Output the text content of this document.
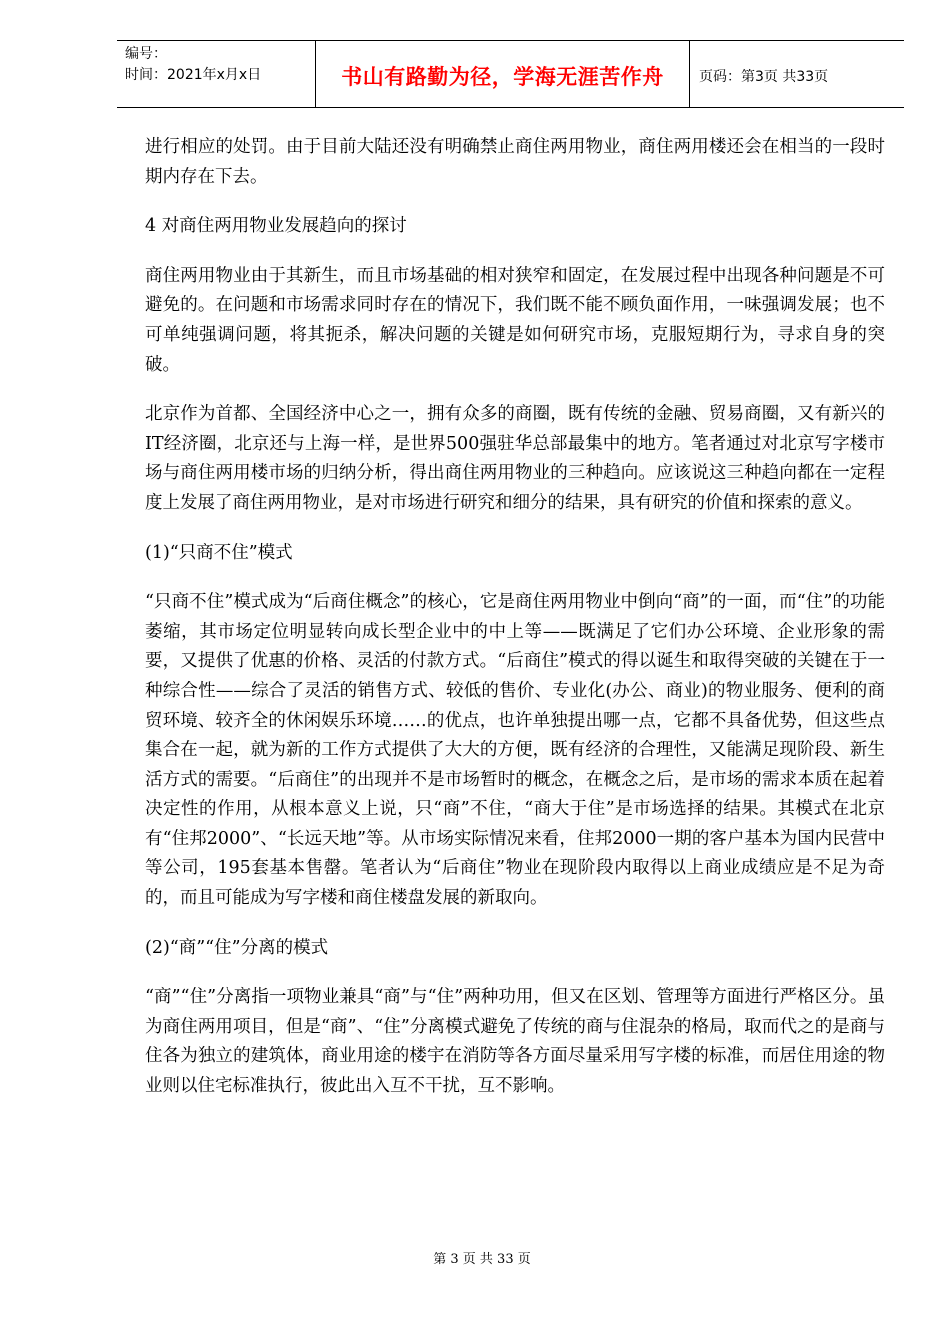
编号：
时间：2021年x月x日	书山有路勤为径，学海无涯苦作舟	页码：第3页 共33页

进行相应的处罚。由于目前大陆还没有明确禁止商住两用物业，商住两用楼还会在相当的一段时期内存在下去。

4 对商住两用物业发展趋向的探讨

商住两用物业由于其新生，而且市场基础的相对狭窄和固定，在发展过程中出现各种问题是不可避免的。在问题和市场需求同时存在的情况下，我们既不能不顾负面作用，一味强调发展；也不可单纯强调问题，将其扼杀，解决问题的关键是如何研究市场，克服短期行为，寻求自身的突破。

北京作为首都、全国经济中心之一，拥有众多的商圈，既有传统的金融、贸易商圈，又有新兴的IT经济圈，北京还与上海一样，是世界500强驻华总部最集中的地方。笔者通过对北京写字楼市场与商住两用楼市场的归纳分析，得出商住两用物业的三种趋向。应该说这三种趋向都在一定程度上发展了商住两用物业，是对市场进行研究和细分的结果，具有研究的价值和探索的意义。

(1)“只商不住”模式

“只商不住”模式成为“后商住概念”的核心，它是商住两用物业中倒向“商”的一面，而“住”的功能萎缩，其市场定位明显转向成长型企业中的中上等——既满足了它们办公环境、企业形象的需要，又提供了优惠的价格、灵活的付款方式。“后商住”模式的得以诞生和取得突破的关键在于一种综合性——综合了灵活的销售方式、较低的售价、专业化(办公、商业)的物业服务、便利的商贸环境、较齐全的休闲娱乐环境……的优点，也许单独提出哪一点，它都不具备优势，但这些点集合在一起，就为新的工作方式提供了大大的方便，既有经济的合理性，又能满足现阶段、新生活方式的需要。“后商住”的出现并不是市场暂时的概念，在概念之后，是市场的需求本质在起着决定性的作用，从根本意义上说，只“商”不住，“商大于住”是市场选择的结果。其模式在北京有“住邦2000”、“长远天地”等。从市场实际情况来看，住邦2000一期的客户基本为国内民营中等公司，195套基本售罄。笔者认为“后商住”物业在现阶段内取得以上商业成绩应是不足为奇的，而且可能成为写字楼和商住楼盘发展的新取向。

(2)“商”“住”分离的模式

“商”“住”分离指一项物业兼具“商”与“住”两种功用，但又在区划、管理等方面进行严格区分。虽为商住两用项目，但是“商”、“住”分离模式避免了传统的商与住混杂的格局，取而代之的是商与住各为独立的建筑体，商业用途的楼宇在消防等各方面尽量采用写字楼的标准，而居住用途的物业则以住宅标准执行，彼此出入互不干扰，互不影响。

第 3 页 共 33 页
